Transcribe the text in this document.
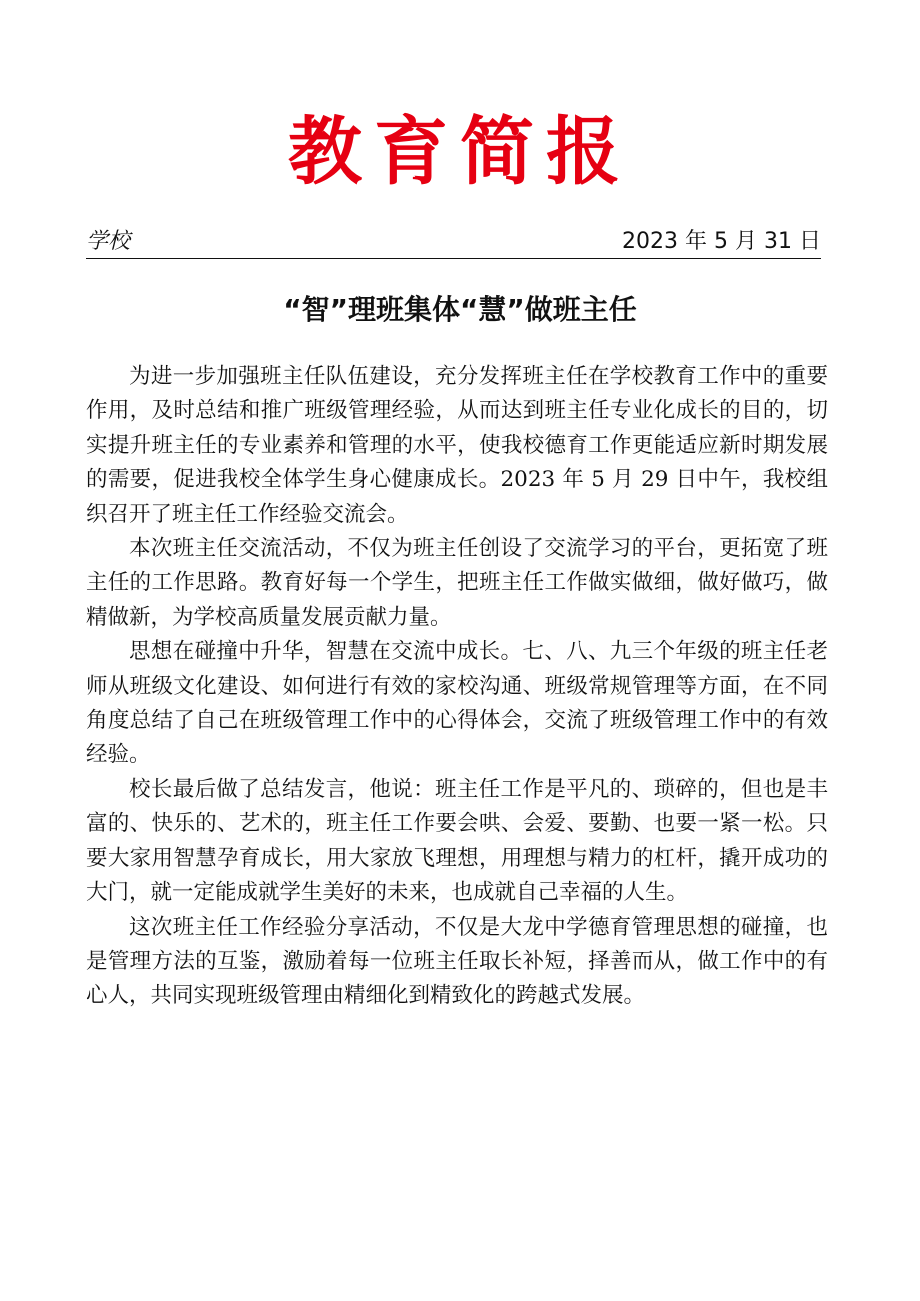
教育简报
学校	2023 年 5 月 31 日
“智”理班集体“慧”做班主任

为进一步加强班主任队伍建设，充分发挥班主任在学校教育工作中的重要作用，及时总结和推广班级管理经验，从而达到班主任专业化成长的目的，切实提升班主任的专业素养和管理的水平，使我校德育工作更能适应新时期发展的需要，促进我校全体学生身心健康成长。2023 年 5 月 29 日中午，我校组织召开了班主任工作经验交流会。

本次班主任交流活动，不仅为班主任创设了交流学习的平台，更拓宽了班主任的工作思路。教育好每一个学生，把班主任工作做实做细，做好做巧，做精做新，为学校高质量发展贡献力量。

思想在碰撞中升华，智慧在交流中成长。七、八、九三个年级的班主任老师从班级文化建设、如何进行有效的家校沟通、班级常规管理等方面，在不同角度总结了自己在班级管理工作中的心得体会，交流了班级管理工作中的有效经验。

校长最后做了总结发言，他说：班主任工作是平凡的、琐碎的，但也是丰富的、快乐的、艺术的，班主任工作要会哄、会爱、要勤、也要一紧一松。只要大家用智慧孕育成长，用大家放飞理想，用理想与精力的杠杆，撬开成功的大门，就一定能成就学生美好的未来，也成就自己幸福的人生。

这次班主任工作经验分享活动，不仅是大龙中学德育管理思想的碰撞，也是管理方法的互鉴，激励着每一位班主任取长补短，择善而从，做工作中的有心人，共同实现班级管理由精细化到精致化的跨越式发展。
